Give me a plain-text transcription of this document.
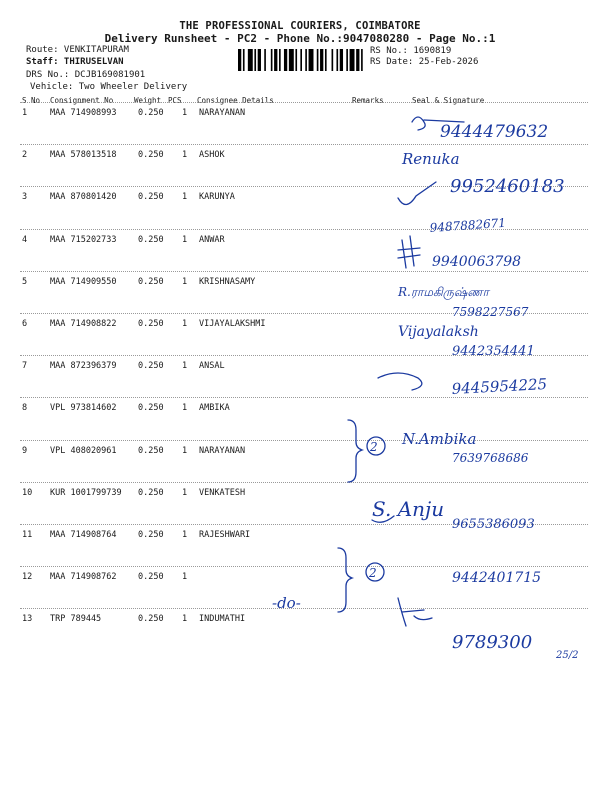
THE PROFESSIONAL COURIERS, COIMBATORE
Delivery Runsheet - PC2 - Phone No.:9047080280 - Page No.:1
Route: VENKITAPURAM
Staff: THIRUSELVAN
DRS No.: DCJB169081901
Vehicle: Two Wheeler Delivery
RS No.: 1690819
RS Date: 25-Feb-2026
S No Consignment No	Weight PCS Consignee Details	Remarks	Seal & Signature
1	MAA 714908993	0.250 1 NARAYANAN
2	MAA 578013518	0.250 1 ASHOK
3	MAA 870801420	0.250 1 KARUNYA
4	MAA 715202733	0.250 1 ANWAR
5	MAA 714909550	0.250 1 KRISHNASAMY
6	MAA 714908822	0.250 1 VIJAYALAKSHMI
7	MAA 872396379	0.250 1 ANSAL
8	VPL 973814602	0.250 1 AMBIKA
9	VPL 408020961	0.250 1 NARAYANAN
10 KUR 1001799739 0.250 1 VENKATESH
11 MAA 714908764	0.250 1 RAJESHWARI
12 MAA 714908762	0.250 1
13 TRP 789445	0.250 1 INDUMATHI
9444479632
Renuka
9952460183
9487882671
9940063798
R.ராமகிருஷ்ணா
7598227567
Vijayalaksh
9442354441
9445954225
2 N.Ambika
7639768686
S. Anju
9655386093
2	9442401715
-do-
9789300
25/2
